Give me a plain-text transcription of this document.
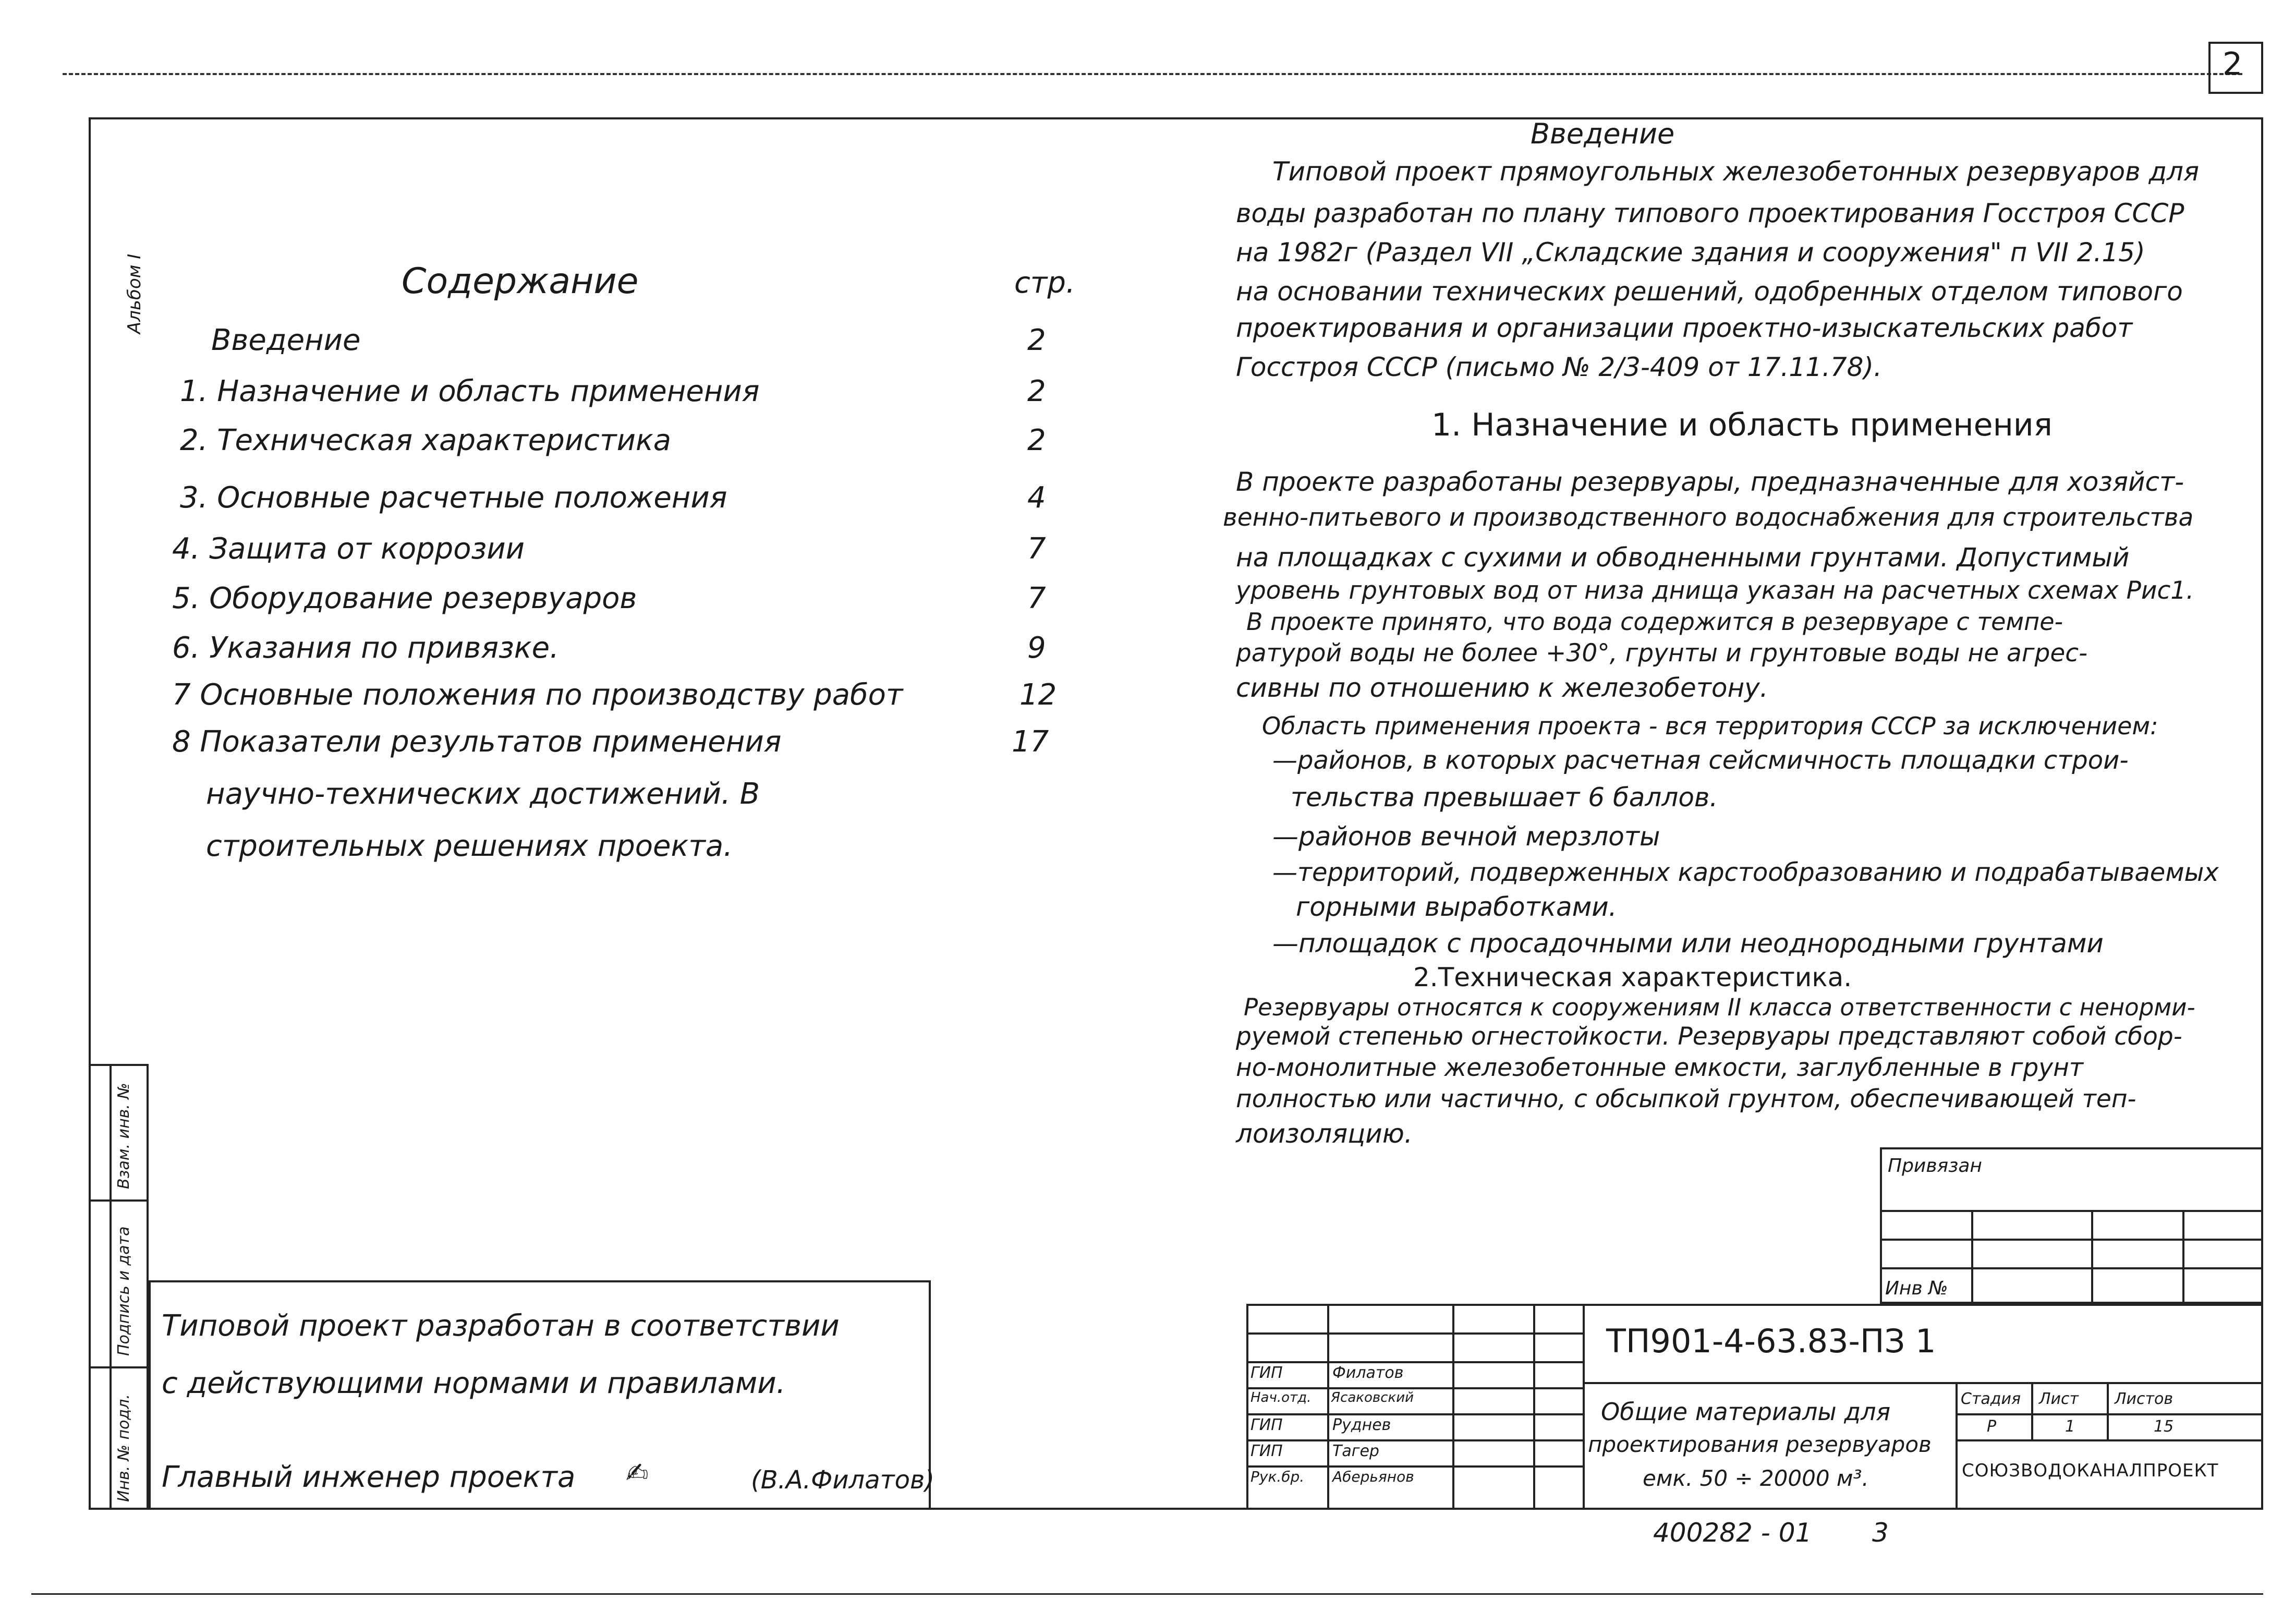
2
Альбом I
Взам. инв. №
Подпись и дата
Инв. № подл.
Содержание	стр.
Введение	2
1. Назначение и область применения	2
2. Техническая характеристика	2
3. Основные расчетные положения	4
4. Защита от коррозии	7
5. Оборудование резервуаров	7
6. Указания по привязке.	9
7 Основные положения по производству работ	12
8 Показатели результатов применения	17
научно-технических достижений. В
строительных решениях проекта.
Типовой проект разработан в соответствии
с действующими нормами и правилами.
Главный инженер проекта ✍	(В.А.Филатов)
Введение
Типовой проект прямоугольных железобетонных резервуаров для
воды разработан по плану типового проектирования Госстроя СССР
на 1982г (Раздел VII „Складские здания и сооружения" п VII 2.15)
на основании технических решений, одобренных отделом типового
проектирования и организации проектно-изыскательских работ
Госстроя СССР (письмо № 2/3-409 от 17.11.78).
1. Назначение и область применения
В проекте разработаны резервуары, предназначенные для хозяйст-
венно-питьевого и производственного водоснабжения для строительства
на площадках с сухими и обводненными грунтами. Допустимый
уровень грунтовых вод от низа днища указан на расчетных схемах Рис1.
В проекте принято, что вода содержится в резервуаре с темпе-
ратурой воды не более +30°, грунты и грунтовые воды не агрес-
сивны по отношению к железобетону.
Область применения проекта - вся территория СССР за исключением:
—районов, в которых расчетная сейсмичность площадки строи-
тельства превышает 6 баллов.
—районов вечной мерзлоты
—территорий, подверженных карстообразованию и подрабатываемых
горными выработками.
—площадок с просадочными или неоднородными грунтами
2.Техническая характеристика.
Резервуары относятся к сооружениям II класса ответственности с ненорми-
руемой степенью огнестойкости. Резервуары представляют собой сбор-
но-монолитные железобетонные емкости, заглубленные в грунт
полностью или частично, с обсыпкой грунтом, обеспечивающей теп-
лоизоляцию.
Привязан
Инв №
ГИП	Филатов
Нач.отд. Ясаковский
ГИП	Руднев
ГИП	Тагер
Рук.бр. Аберьянов
ТП901-4-63.83-ПЗ 1
Общие материалы для
проектирования резервуаров
емк. 50 ÷ 20000 м³.
Стадия Лист Листов
Р	1	15
СОЮЗВОДОКАНАЛПРОЕКТ
400282 - 01 3
